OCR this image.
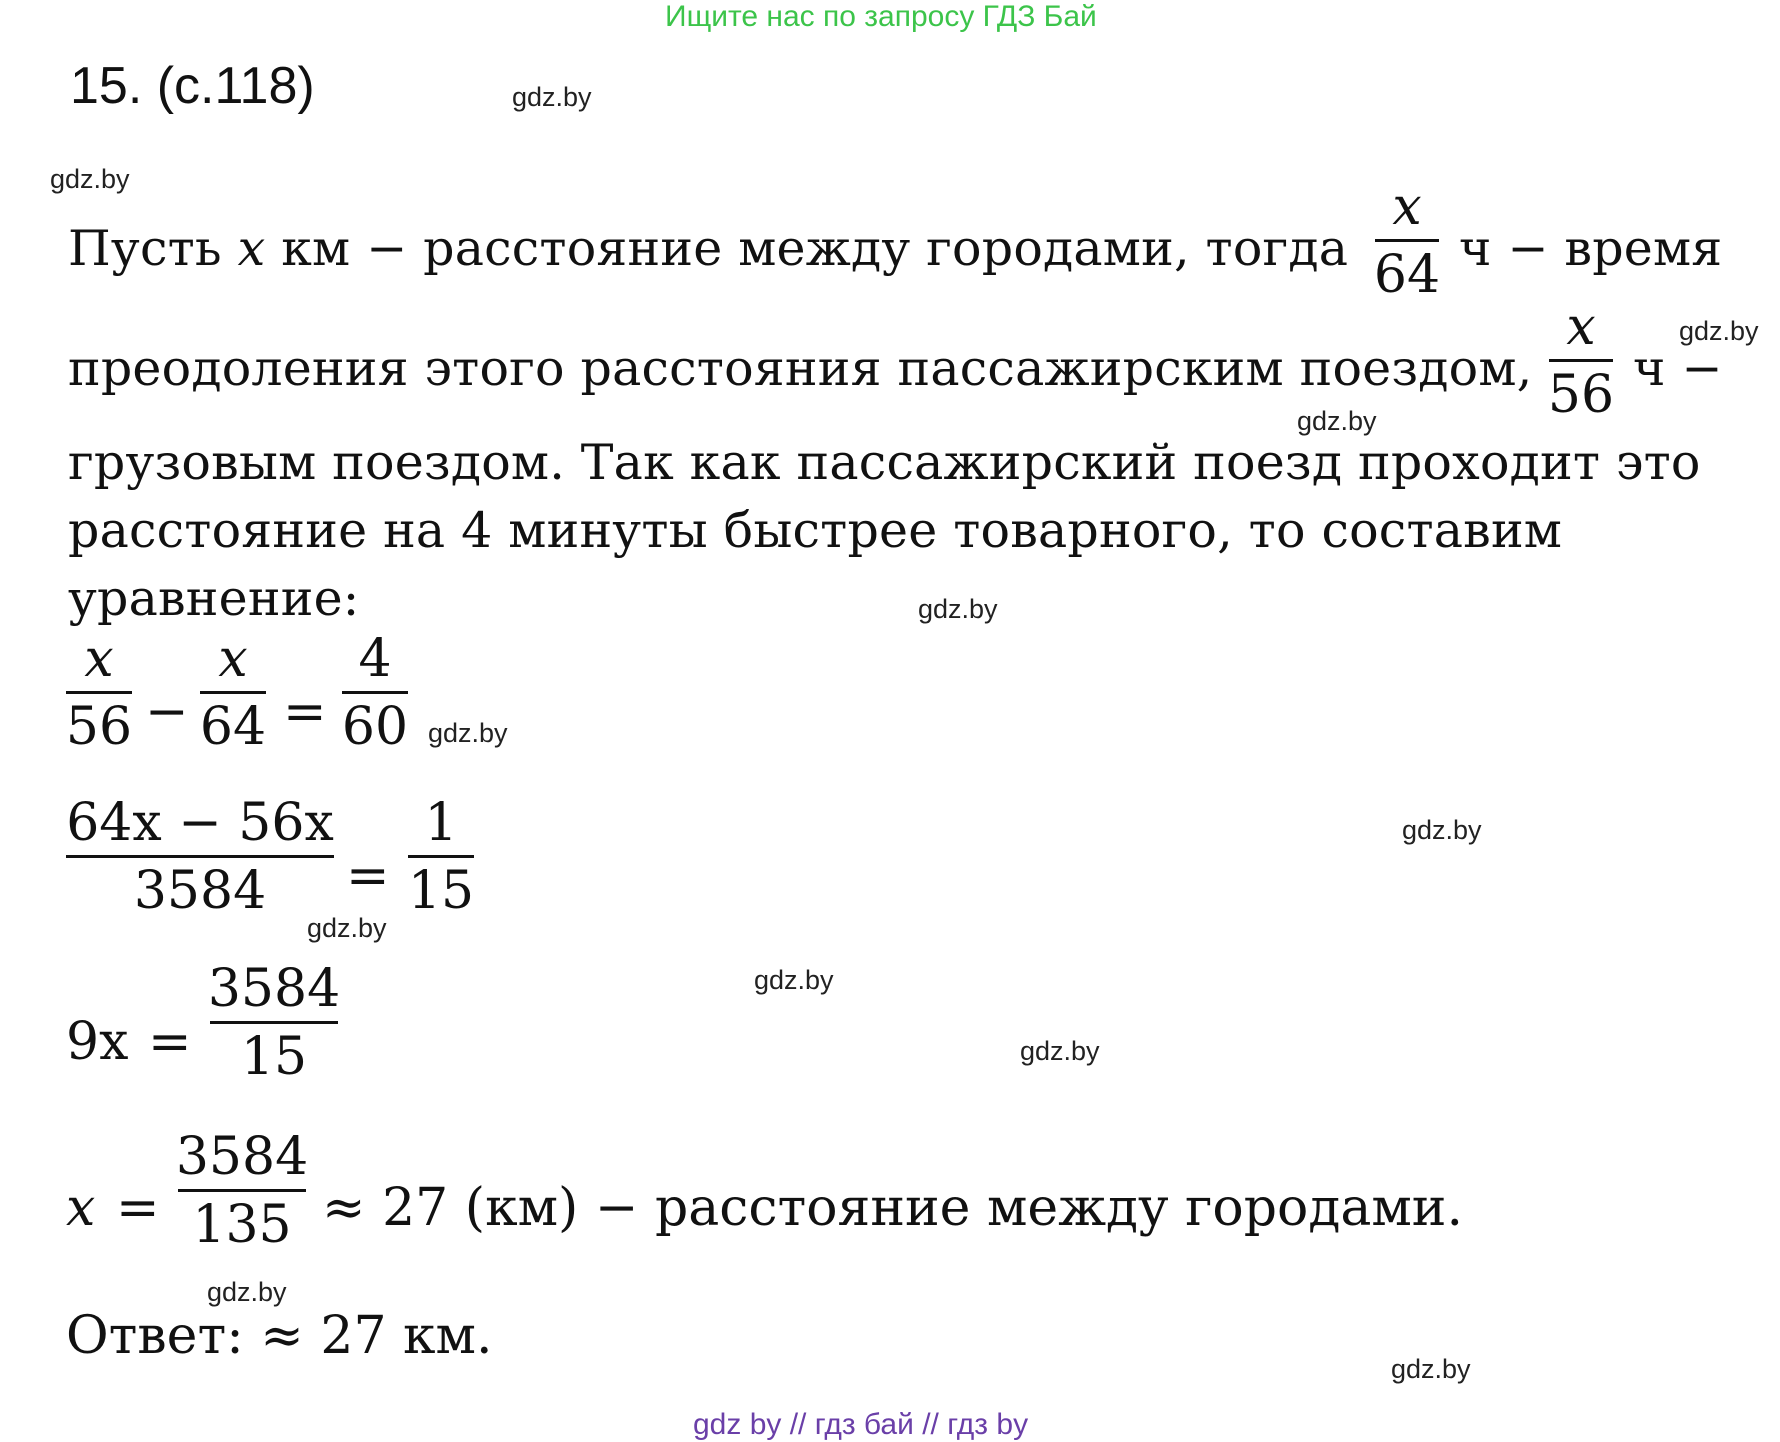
Ищите нас по запросу ГДЗ Бай
15. (с.118)	gdz.by
gdz.by
gdz.by
gdz.by
gdz.by
gdz.by
gdz.by
gdz.by
gdz.by
gdz.by
gdz.by
gdz.by
Пусть x км − расстояние между городами, тогда
x
64 ч − время
преодоления этого расстояния пассажирским поездом,
x
56 ч −
грузовым поездом. Так как пассажирский поезд проходит это
расстояние на 4 минуты быстрее товарного, то составим
уравнение:
x
56 −
x
64 =
4
60
64x − 56x
3584 =
1
15
9x =
3584
15
x =
3584
135 ≈ 27 (км) − расстояние между городами.
Ответ: ≈ 27 км.
gdz by // гдз бай // гдз by
